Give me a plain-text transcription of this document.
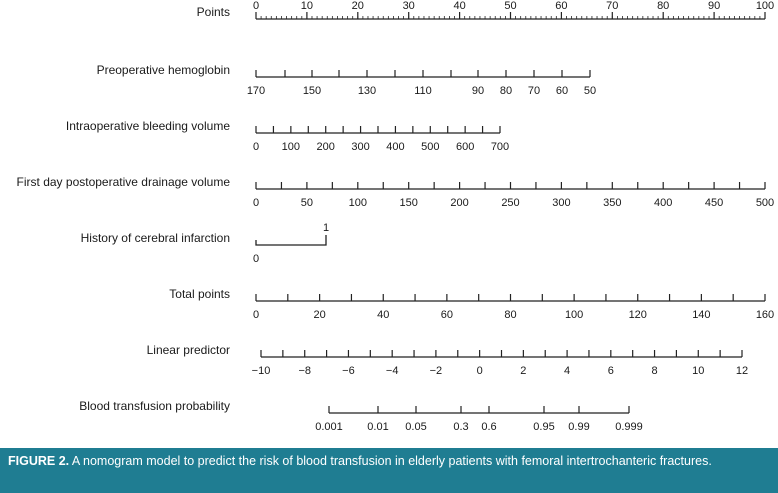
Points 0	10	20	30	40	50	60	70	80	90	100
Preoperative hemoglobin
170	150	130	110	90 80 70 60 50
Intraoperative bleeding volume
0 100 200 300 400 500 600 700
First day postoperative drainage volume
0	50	100	150	200	250	300	350	400	450	500
History of cerebral infarction
0
1
Total points
0	20	40	60	80	100	120	140	160
Linear predictor
−10	−8	−6	−4	−2	0	2	4	6	8	10	12
Blood transfusion probability
0.001 0.01 0.05 0.3 0.6	0.95 0.99 0.999
FIGURE 2. A nomogram model to predict the risk of blood transfusion in elderly patients with femoral intertrochanteric fractures.
